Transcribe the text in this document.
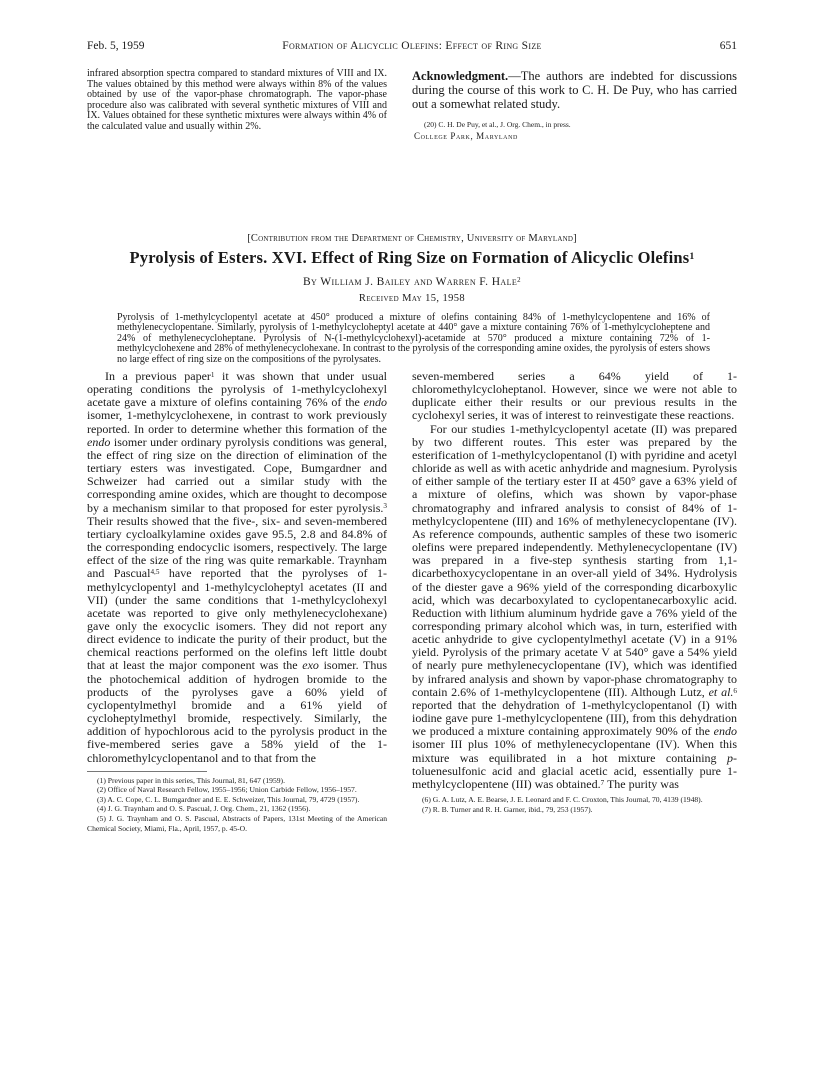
Feb. 5, 1959	Formation of Alicyclic Olefins: Effect of Ring Size	651
infrared absorption spectra compared to standard mixtures of VIII and IX. The values obtained by this method were always within 8% of the values obtained by use of the vapor-phase chromatograph. The vapor-phase procedure also was calibrated with several synthetic mixtures of VIII and IX. Values obtained for these synthetic mixtures were always within 4% of the calculated value and usually within 2%.

Acknowledgment.—The authors are indebted for discussions during the course of this work to C. H. De Puy, who has carried out a somewhat related study.

(20) C. H. De Puy, et al., J. Org. Chem., in press.

College Park, Maryland

[Contribution from the Department of Chemistry, University of Maryland]
Pyrolysis of Esters. XVI. Effect of Ring Size on Formation of Alicyclic Olefins$^1$
By William J. Bailey and Warren F. Hale$^2$
Received May 15, 1958
Pyrolysis of 1-methylcyclopentyl acetate at 450° produced a mixture of olefins containing 84% of 1-methylcyclopentene and 16% of methylenecyclopentane. Similarly, pyrolysis of 1-methylcycloheptyl acetate at 440° gave a mixture containing 76% of 1-methylcycloheptene and 24% of methylenecycloheptane. Pyrolysis of N-(1-methylcyclohexyl)-acetamide at 570° produced a mixture containing 72% of 1-methylcyclohexene and 28% of methylenecyclohexane. In contrast to the pyrolysis of the corresponding amine oxides, the pyrolysis of esters shows no large effect of ring size on the compositions of the pyrolysates.

In a previous paper$^1$ it was shown that under usual operating conditions the pyrolysis of 1-methylcyclohexyl acetate gave a mixture of olefins containing 76% of the endo isomer, 1-methylcyclohexene, in contrast to work previously reported. In order to determine whether this formation of the endo isomer under ordinary pyrolysis conditions was general, the effect of ring size on the direction of elimination of the tertiary esters was investigated. Cope, Bumgardner and Schweizer had carried out a similar study with the corresponding amine oxides, which are thought to decompose by a mechanism similar to that proposed for ester pyrolysis.$^3$ Their results showed that the five-, six- and seven-membered tertiary cycloalkylamine oxides gave 95.5, 2.8 and 84.8% of the corresponding endocyclic isomers, respectively. The large effect of the size of the ring was quite remarkable. Traynham and Pascual$^{4,5}$ have reported that the pyrolyses of 1-methylcyclopentyl and 1-methylcycloheptyl acetates (II and VII) (under the same conditions that 1-methylcyclohexyl acetate was reported to give only methylenecyclohexane) gave only the exocyclic isomers. They did not report any direct evidence to indicate the purity of their product, but the chemical reactions performed on the olefins left little doubt that at least the major component was the exo isomer. Thus the photochemical addition of hydrogen bromide to the products of the pyrolyses gave a 60% yield of cyclopentylmethyl bromide and a 61% yield of cycloheptylmethyl bromide, respectively. Similarly, the addition of hypochlorous acid to the pyrolysis product in the five-membered series gave a 58% yield of the 1-chloromethylcyclopentanol and to that from the

(1) Previous paper in this series, This Journal, 81, 647 (1959).

(2) Office of Naval Research Fellow, 1955–1956; Union Carbide Fellow, 1956–1957.

(3) A. C. Cope, C. L. Bumgardner and E. E. Schweizer, This Journal, 79, 4729 (1957).

(4) J. G. Traynham and O. S. Pascual, J. Org. Chem., 21, 1362 (1956).

(5) J. G. Traynham and O. S. Pascual, Abstracts of Papers, 131st Meeting of the American Chemical Society, Miami, Fla., April, 1957, p. 45-O.

seven-membered series a 64% yield of 1-chloromethylcycloheptanol. However, since we were not able to duplicate either their results or our previous results in the cyclohexyl series, it was of interest to reinvestigate these reactions.

For our studies 1-methylcyclopentyl acetate (II) was prepared by two different routes. This ester was prepared by the esterification of 1-methylcyclopentanol (I) with pyridine and acetyl chloride as well as with acetic anhydride and magnesium. Pyrolysis of either sample of the tertiary ester II at 450° gave a 63% yield of a mixture of olefins, which was shown by vapor-phase chromatography and infrared analysis to consist of 84% of 1-methylcyclopentene (III) and 16% of methylenecyclopentane (IV). As reference compounds, authentic samples of these two isomeric olefins were prepared independently. Methylenecyclopentane (IV) was prepared in a five-step synthesis starting from 1,1-dicarbethoxycyclopentane in an over-all yield of 34%. Hydrolysis of the diester gave a 96% yield of the corresponding dicarboxylic acid, which was decarboxylated to cyclopentanecarboxylic acid. Reduction with lithium aluminum hydride gave a 76% yield of the corresponding primary alcohol which was, in turn, esterified with acetic anhydride to give cyclopentylmethyl acetate (V) in a 91% yield. Pyrolysis of the primary acetate V at 540° gave a 54% yield of nearly pure methylenecyclopentane (IV), which was identified by infrared analysis and shown by vapor-phase chromatography to contain 2.6% of 1-methylcyclopentene (III). Although Lutz, et al.$^6$ reported that the dehydration of 1-methylcyclopentanol (I) with iodine gave pure 1-methylcyclopentene (III), from this dehydration we produced a mixture containing approximately 90% of the endo isomer III plus 10% of methylenecyclopentane (IV). When this mixture was equilibrated in a hot mixture containing p-toluenesulfonic acid and glacial acetic acid, essentially pure 1-methylcyclopentene (III) was obtained.$^7$ The purity was

(6) G. A. Lutz, A. E. Bearse, J. E. Leonard and F. C. Croxton, This Journal, 70, 4139 (1948).

(7) R. B. Turner and R. H. Garner, ibid., 79, 253 (1957).
